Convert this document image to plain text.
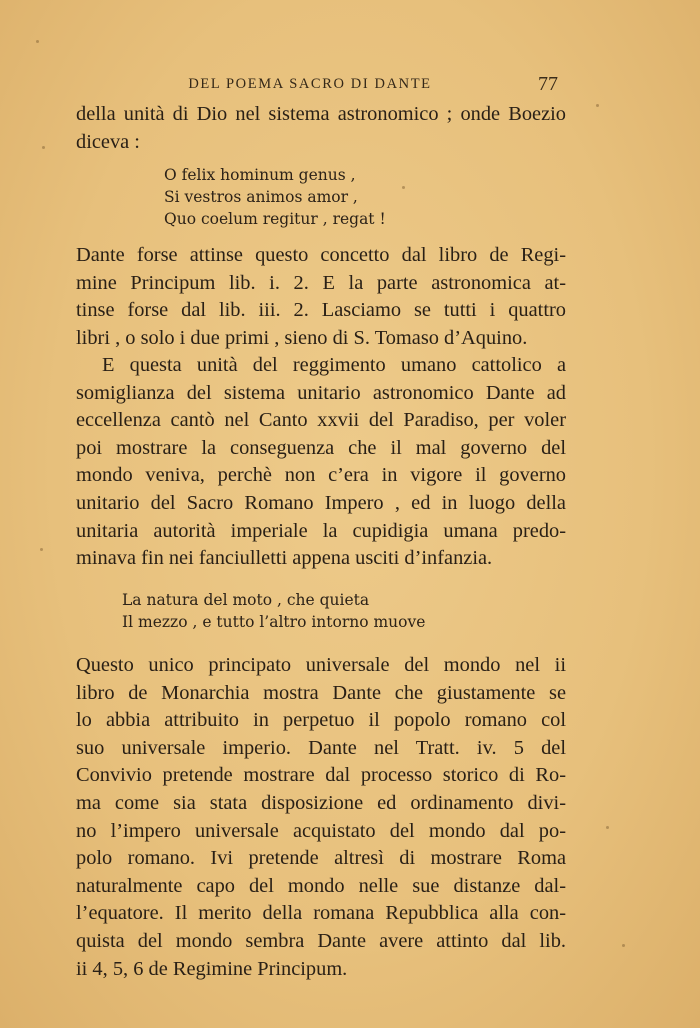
DEL POEMA SACRO DI DANTE	77
della unità di Dio nel sistema astronomico ; onde Boezio
diceva :
O felix hominum genus ,
Si vestros animos amor ,
Quo coelum regitur , regat !
Dante forse attinse questo concetto dal libro de Regi-
mine Principum lib. i. 2. E la parte astronomica at-
tinse forse dal lib. iii. 2. Lasciamo se tutti i quattro
libri , o solo i due primi , sieno di S. Tomaso d’Aquino.
E questa unità del reggimento umano cattolico a
somiglianza del sistema unitario astronomico Dante ad
eccellenza cantò nel Canto xxvii del Paradiso, per voler
poi mostrare la conseguenza che il mal governo del
mondo veniva, perchè non c’era in vigore il governo
unitario del Sacro Romano Impero , ed in luogo della
unitaria autorità imperiale la cupidigia umana predo-
minava fin nei fanciulletti appena usciti d’infanzia.
La natura del moto , che quieta
Il mezzo , e tutto l’altro intorno muove
Questo unico principato universale del mondo nel ii
libro de Monarchia mostra Dante che giustamente se
lo abbia attribuito in perpetuo il popolo romano col
suo universale imperio. Dante nel Tratt. iv. 5 del
Convivio pretende mostrare dal processo storico di Ro-
ma come sia stata disposizione ed ordinamento divi-
no l’impero universale acquistato del mondo dal po-
polo romano. Ivi pretende altresì di mostrare Roma
naturalmente capo del mondo nelle sue distanze dal-
l’equatore. Il merito della romana Repubblica alla con-
quista del mondo sembra Dante avere attinto dal lib.
ii 4, 5, 6 de Regimine Principum.
